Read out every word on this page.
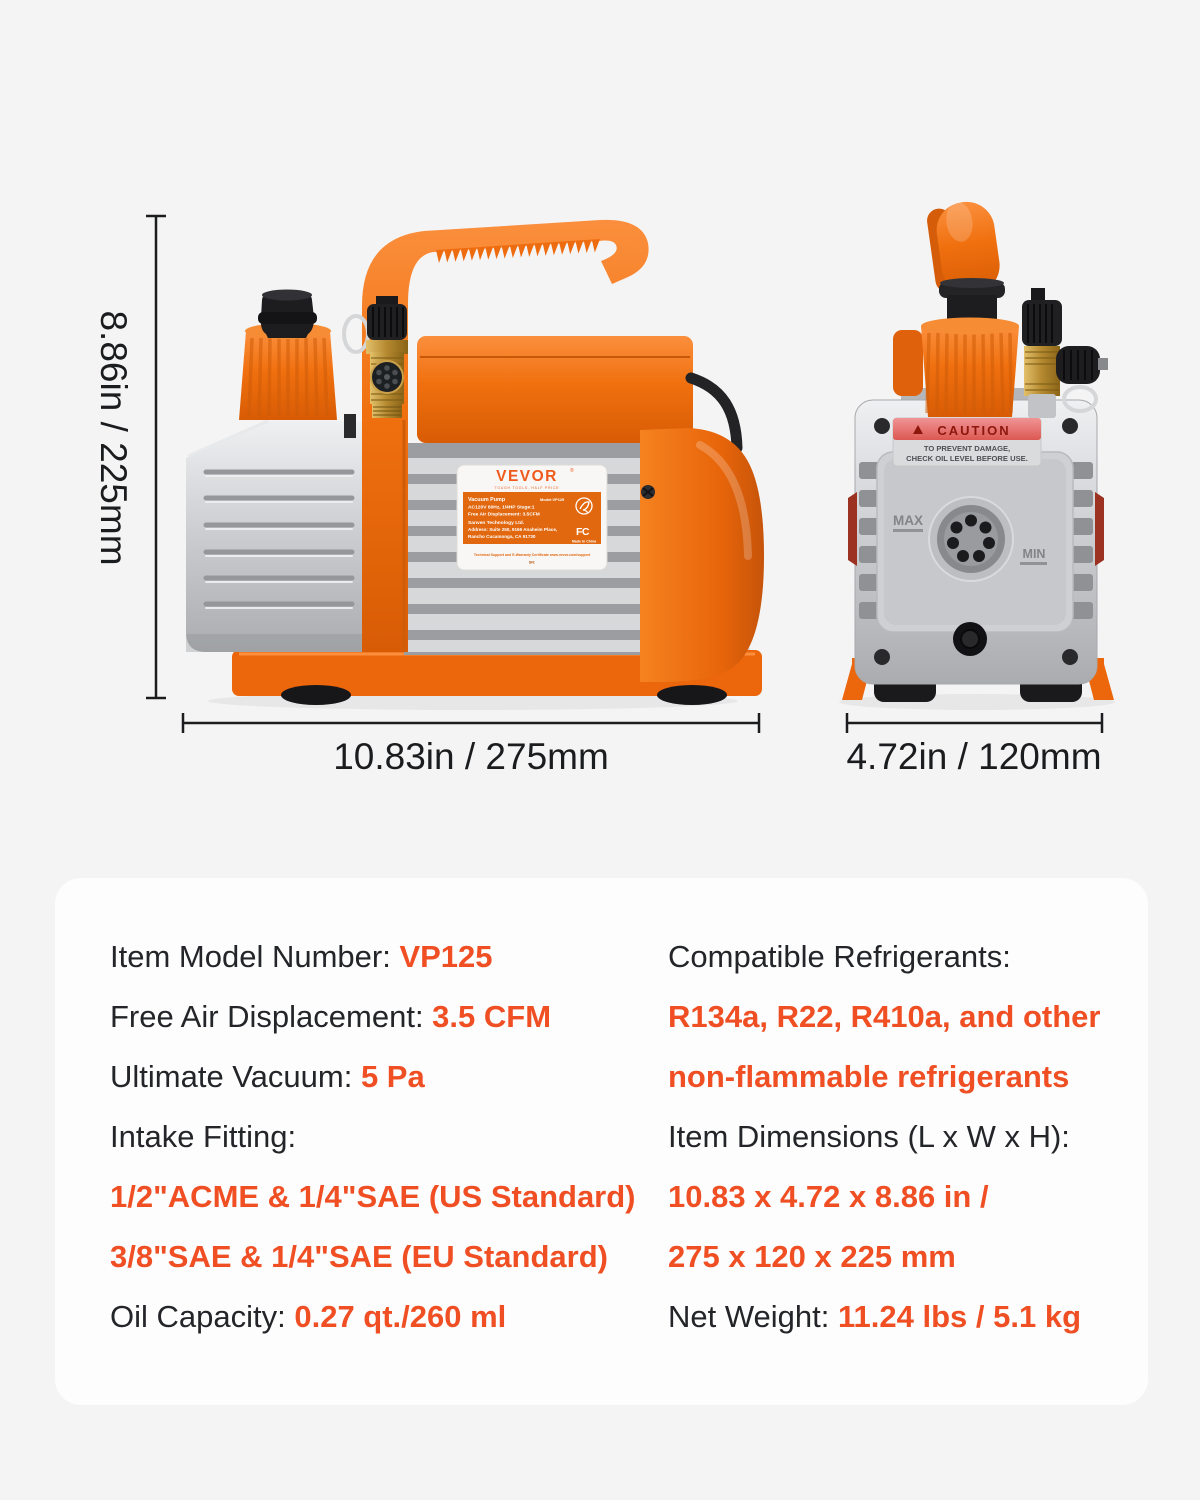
VEVOR ®
TOUGH TOOLS, HALF PRICE
Vacuum Pump	Model:VP125
AC120V 60Hz, 1/4HP Stage:1
Free Air Displacement: 3.5CFM
Sanven Technology Ltd.
Address: Suite 250, 9166 Anaheim Place,
Rancho Cucamonga, CA 91730	FC
Made In China
Technical Support and E-Warranty Certificate www.vevor.com/support
SN:
CAUTION
TO PREVENT DAMAGE,
CHECK OIL LEVEL BEFORE USE.
MAX
MIN
8.86in / 225mm
10.83in / 275mm	4.72in / 120mm
Item Model Number: VP125
Free Air Displacement: 3.5 CFM
Ultimate Vacuum: 5 Pa
Intake Fitting:
1/2"ACME & 1/4"SAE (US Standard)
3/8"SAE & 1/4"SAE (EU Standard)
Oil Capacity: 0.27 qt./260 ml
Compatible Refrigerants:
R134a, R22, R410a, and other
non-flammable refrigerants
Item Dimensions (L x W x H):
10.83 x 4.72 x 8.86 in /
275 x 120 x 225 mm
Net Weight: 11.24 lbs / 5.1 kg
